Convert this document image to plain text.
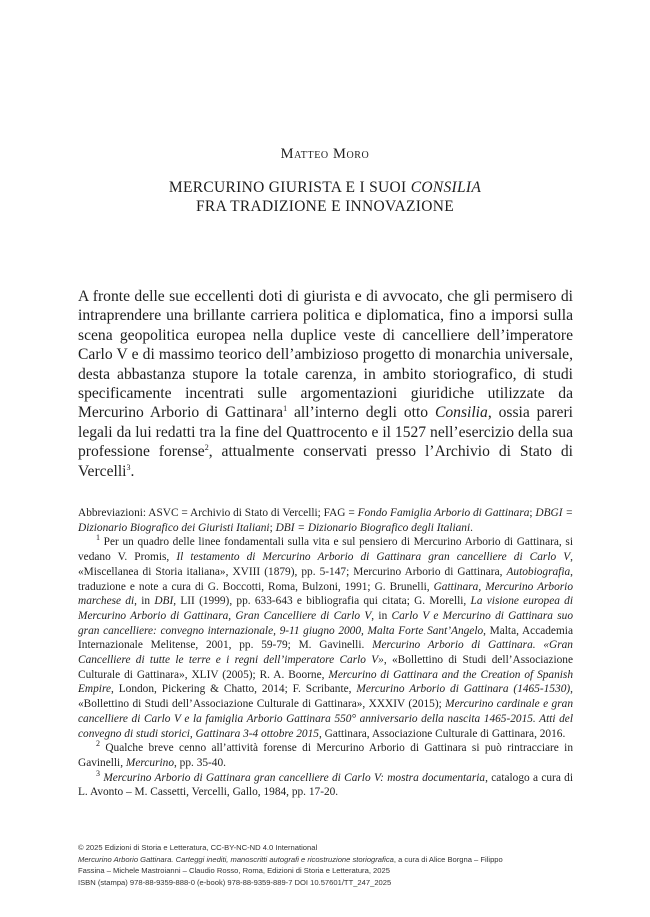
Matteo Moro
MERCURINO GIURISTA E I SUOI CONSILIA
FRA TRADIZIONE E INNOVAZIONE
A fronte delle sue eccellenti doti di giurista e di avvocato, che gli permisero di intraprendere una brillante carriera politica e diplomatica, fino a imporsi sulla scena geopolitica europea nella duplice veste di cancelliere dell’imperatore Carlo V e di massimo teorico dell’ambizioso progetto di monarchia universale, desta abbastanza stupore la totale carenza, in ambito storiografico, di studi specificamente incentrati sulle argomentazioni giuridiche utilizzate da Mercurino Arborio di Gattinara$^1$ all’interno degli otto Consilia, ossia pareri legali da lui redatti tra la fine del Quattrocento e il 1527 nell’esercizio della sua professione forense$^2$, attualmente conservati presso l’Archivio di Stato di Vercelli$^3$.

Abbreviazioni: ASVC = Archivio di Stato di Vercelli; FAG = Fondo Famiglia Arborio di Gattinara; DBGI = Dizionario Biografico dei Giuristi Italiani; DBI = Dizionario Biografico degli Italiani.

$^1$ Per un quadro delle linee fondamentali sulla vita e sul pensiero di Mercurino Arborio di Gattinara, si vedano V. Promis, Il testamento di Mercurino Arborio di Gattinara gran cancelliere di Carlo V, «Miscellanea di Storia italiana», XVIII (1879), pp. 5-147; Mercurino Arborio di Gattinara, Autobiografia, traduzione e note a cura di G. Boccotti, Roma, Bulzoni, 1991; G. Brunelli, Gattinara, Mercurino Arborio marchese di, in DBI, LII (1999), pp. 633-643 e bibliografia qui citata; G. Morelli, La visione europea di Mercurino Arborio di Gattinara, Gran Cancelliere di Carlo V, in Carlo V e Mercurino di Gattinara suo gran cancelliere: convegno internazionale, 9-11 giugno 2000, Malta Forte Sant’Angelo, Malta, Accademia Internazionale Melitense, 2001, pp. 59-79; M. Gavinelli. Mercurino Arborio di Gattinara. «Gran Cancelliere di tutte le terre e i regni dell’imperatore Carlo V», «Bollettino di Studi dell’Associazione Culturale di Gattinara», XLIV (2005); R. A. Boorne, Mercurino di Gattinara and the Creation of Spanish Empire, London, Pickering & Chatto, 2014; F. Scribante, Mercurino Arborio di Gattinara (1465-1530), «Bollettino di Studi dell’Associazione Culturale di Gattinara», XXXIV (2015); Mercurino cardinale e gran cancelliere di Carlo V e la famiglia Arborio Gattinara 550° anniversario della nascita 1465-2015. Atti del convegno di studi storici, Gattinara 3-4 ottobre 2015, Gattinara, Associazione Culturale di Gattinara, 2016.

$^2$ Qualche breve cenno all’attività forense di Mercurino Arborio di Gattinara si può rintracciare in Gavinelli, Mercurino, pp. 35-40.

$^3$ Mercurino Arborio di Gattinara gran cancelliere di Carlo V: mostra documentaria, catalogo a cura di L. Avonto – M. Cassetti, Vercelli, Gallo, 1984, pp. 17-20.

© 2025 Edizioni di Storia e Letteratura, CC-BY-NC-ND 4.0 International
Mercurino Arborio Gattinara. Carteggi inediti, manoscritti autografi e ricostruzione storiografica, a cura di Alice Borgna – Filippo
Fassina – Michele Mastroianni – Claudio Rosso, Roma, Edizioni di Storia e Letteratura, 2025
ISBN (stampa) 978-88-9359-888-0 (e-book) 978-88-9359-889-7 DOI 10.57601/TT_247_2025
